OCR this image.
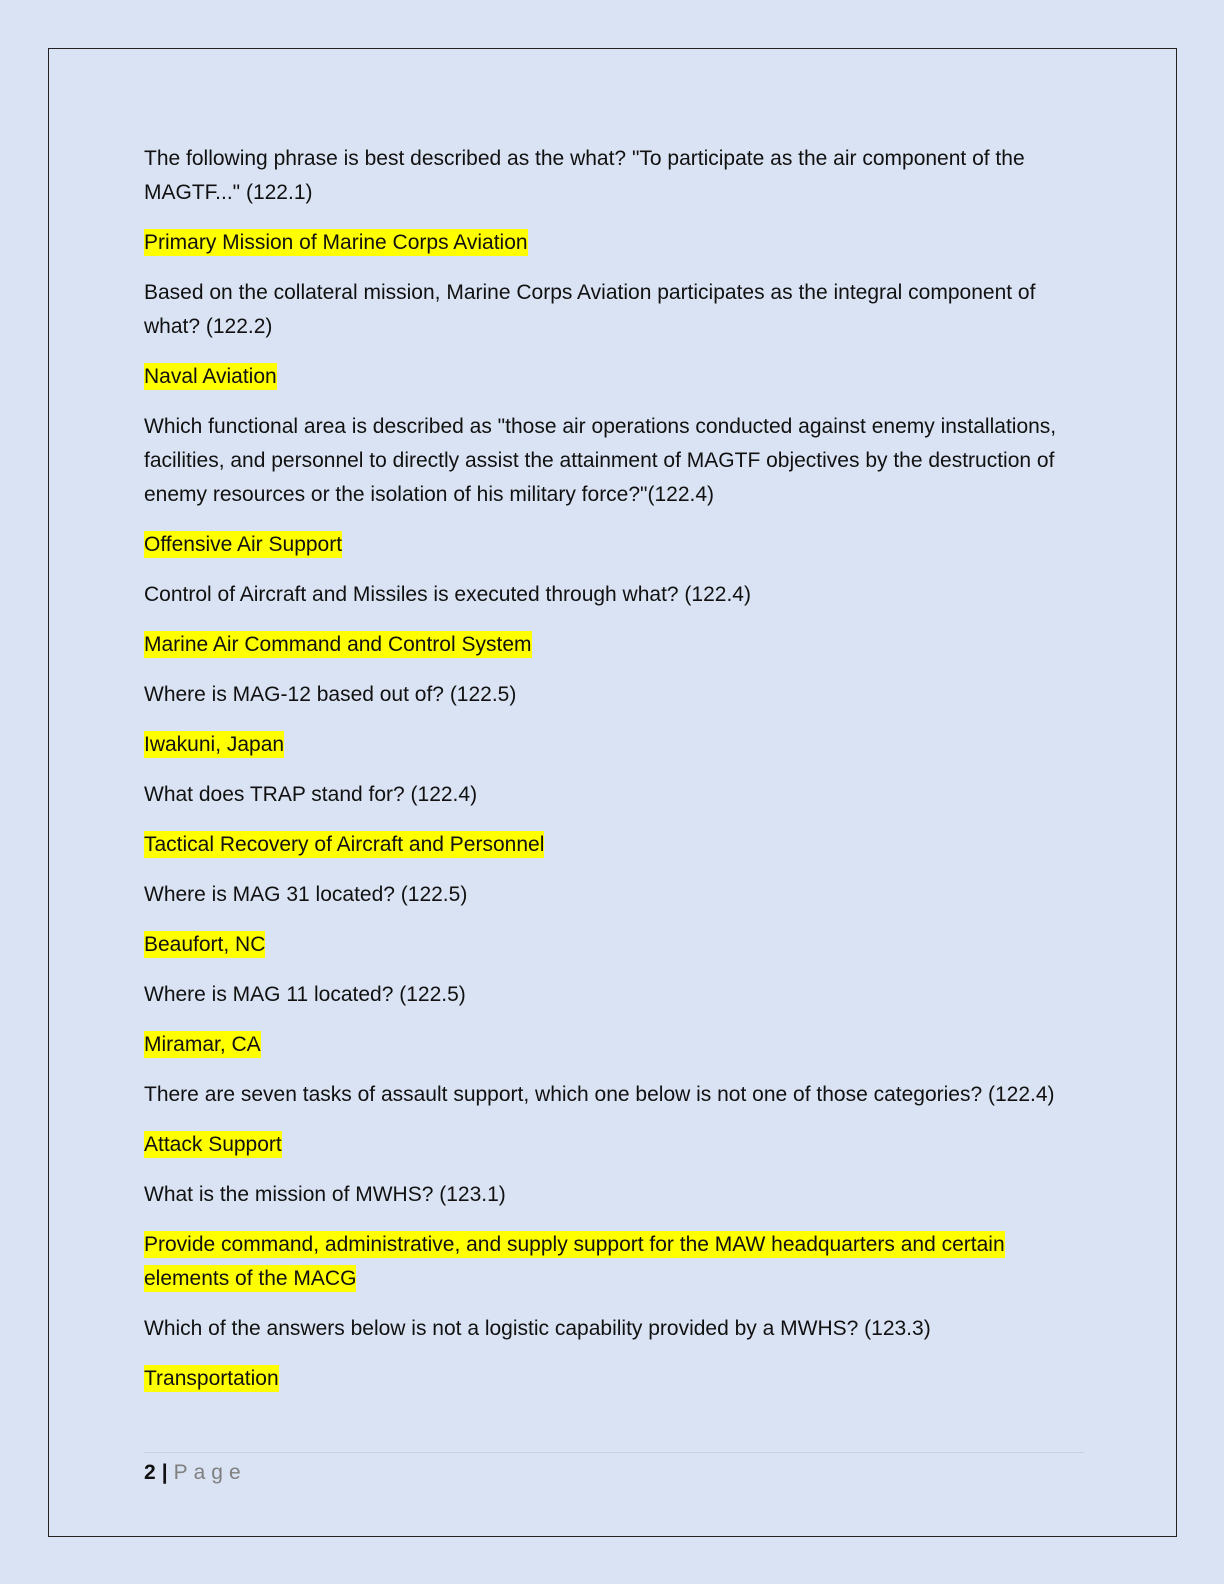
The following phrase is best described as the what? "To participate as the air component of the MAGTF..." (122.1)

Primary Mission of Marine Corps Aviation

Based on the collateral mission, Marine Corps Aviation participates as the integral component of what? (122.2)

Naval Aviation

Which functional area is described as "those air operations conducted against enemy installations, facilities, and personnel to directly assist the attainment of MAGTF objectives by the destruction of enemy resources or the isolation of his military force?"(122.4)

Offensive Air Support

Control of Aircraft and Missiles is executed through what? (122.4)

Marine Air Command and Control System

Where is MAG-12 based out of? (122.5)

Iwakuni, Japan

What does TRAP stand for? (122.4)

Tactical Recovery of Aircraft and Personnel

Where is MAG 31 located? (122.5)

Beaufort, NC

Where is MAG 11 located? (122.5)

Miramar, CA

There are seven tasks of assault support, which one below is not one of those categories? (122.4)

Attack Support

What is the mission of MWHS? (123.1)

Provide command, administrative, and supply support for the MAW headquarters and certain elements of the MACG

Which of the answers below is not a logistic capability provided by a MWHS? (123.3)

Transportation

2 | Page
